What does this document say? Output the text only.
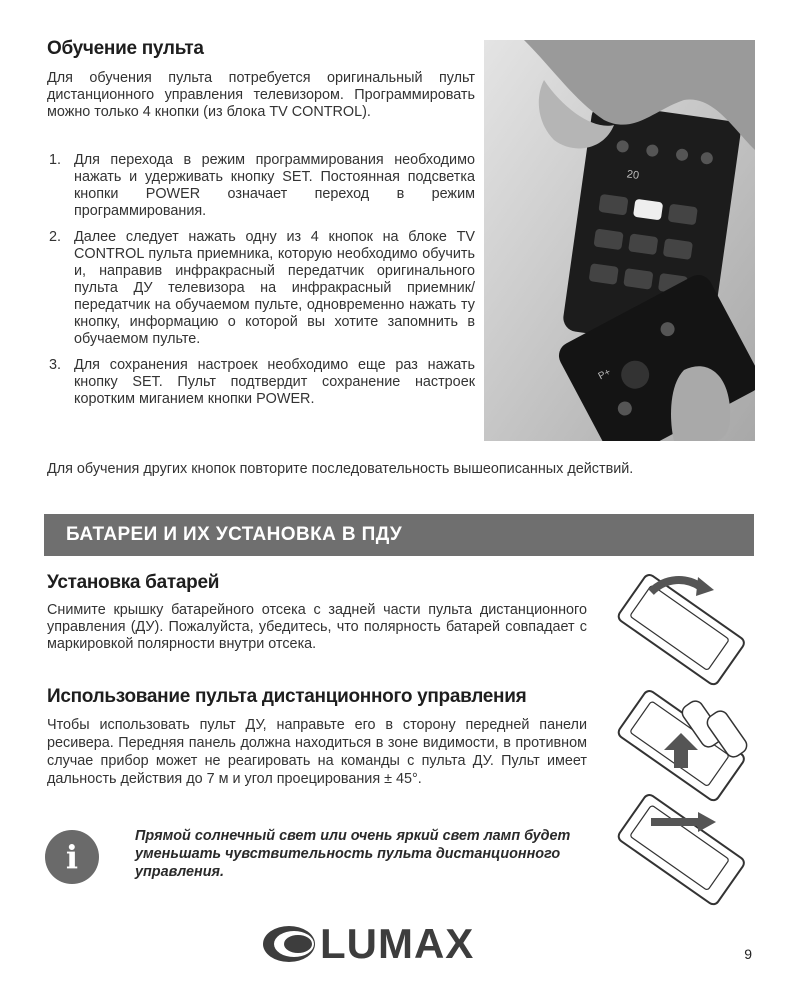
Обучение пульта

Для обучения пульта потребуется оригинальный пульт дистанционного управления телевизором. Программировать можно только 4 кнопки (из блока TV CONTROL).

1. Для перехода в режим программирования необходимо нажать и удерживать кнопку SET. Постоянная подсветка кнопки POWER означает переход в режим программирования.
2. Далее следует нажать одну из 4 кнопок на блоке TV CONTROL пульта приемника, которую необходимо обучить и, направив инфракрасный передатчик оригинального пульта ДУ телевизора на инфракрасный приемник/передатчик на обучаемом пульте, одновременно нажать ту кнопку, информацию о которой вы хотите запомнить в обучаемом пульте.
3. Для сохранения настроек необходимо еще раз нажать кнопку SET. Пульт подтвердит сохранение настроек коротким миганием кнопки POWER.
20
P+

Для обучения других кнопок повторите последовательность вышеописанных действий.

БАТАРЕИ И ИХ УСТАНОВКА В ПДУ
Установка батарей

Снимите крышку батарейного отсека с задней части пульта дистанционного управления (ДУ). Пожалуйста, убедитесь, что полярность батарей совпадает с маркировкой полярности внутри отсека.

Использование пульта дистанционного управления

Чтобы использовать пульт ДУ, направьте его в сторону передней панели ресивера. Передняя панель должна находиться в зоне видимости, в противном случае прибор может не реагировать на команды с пульта ДУ. Пульт имеет дальность действия до 7 м и угол проецирования ± 45°.

i
Прямой солнечный свет или очень яркий свет ламп будет уменьшать чувствительность пульта дистанционного управления.
LUMAX	9
